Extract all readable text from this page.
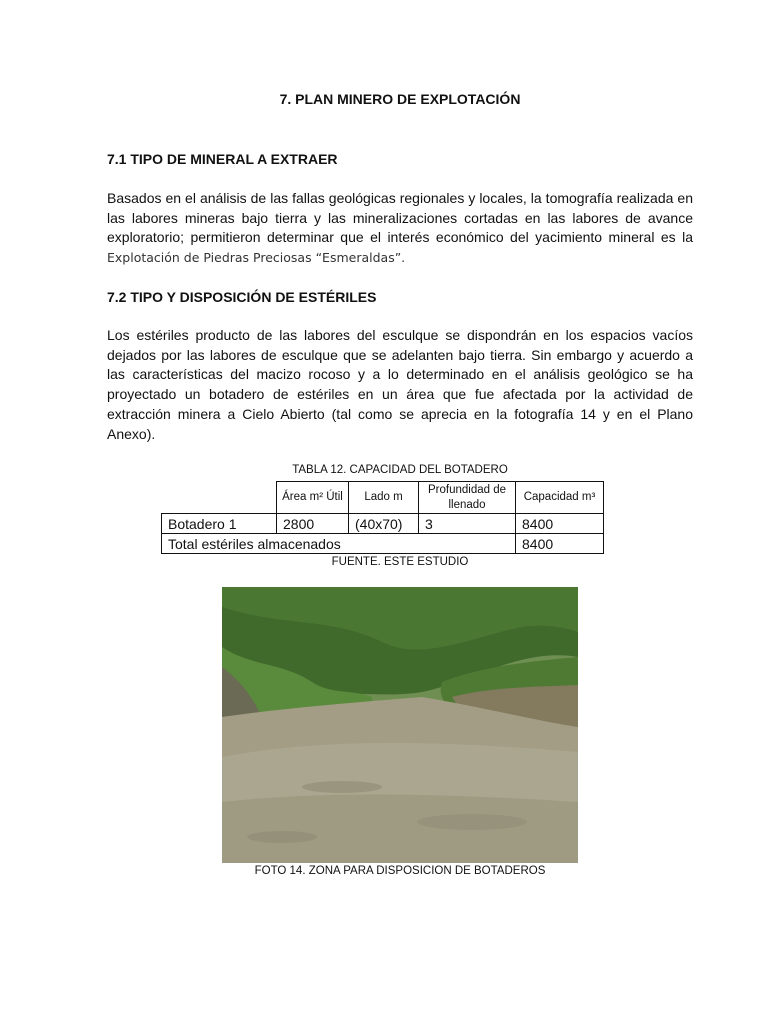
7. PLAN MINERO DE EXPLOTACIÓN
7.1 TIPO DE MINERAL A EXTRAER
Basados en el análisis de las fallas geológicas regionales y locales, la tomografía realizada en las labores mineras bajo tierra y las mineralizaciones cortadas en las labores de avance exploratorio; permitieron determinar que el interés económico del yacimiento mineral es la Explotación de Piedras Preciosas “Esmeraldas”.
7.2 TIPO Y DISPOSICIÓN DE ESTÉRILES
Los estériles producto de las labores del esculque se dispondrán en los espacios vacíos dejados por las labores de esculque que se adelanten bajo tierra. Sin embargo y acuerdo a las características del macizo rocoso y a lo determinado en el análisis geológico se ha proyectado un botadero de estériles en un área que fue afectada por la actividad de extracción minera a Cielo Abierto (tal como se aprecia en la fotografía 14 y en el Plano Anexo).
TABLA 12. CAPACIDAD DEL BOTADERO
	Área m² Útil	Lado m	Profundidad de llenado	Capacidad m³
Botadero 1	2800	(40x70)	3	8400
Total estériles almacenados				8400
FUENTE. ESTE ESTUDIO
FOTO 14. ZONA PARA DISPOSICION DE BOTADEROS
